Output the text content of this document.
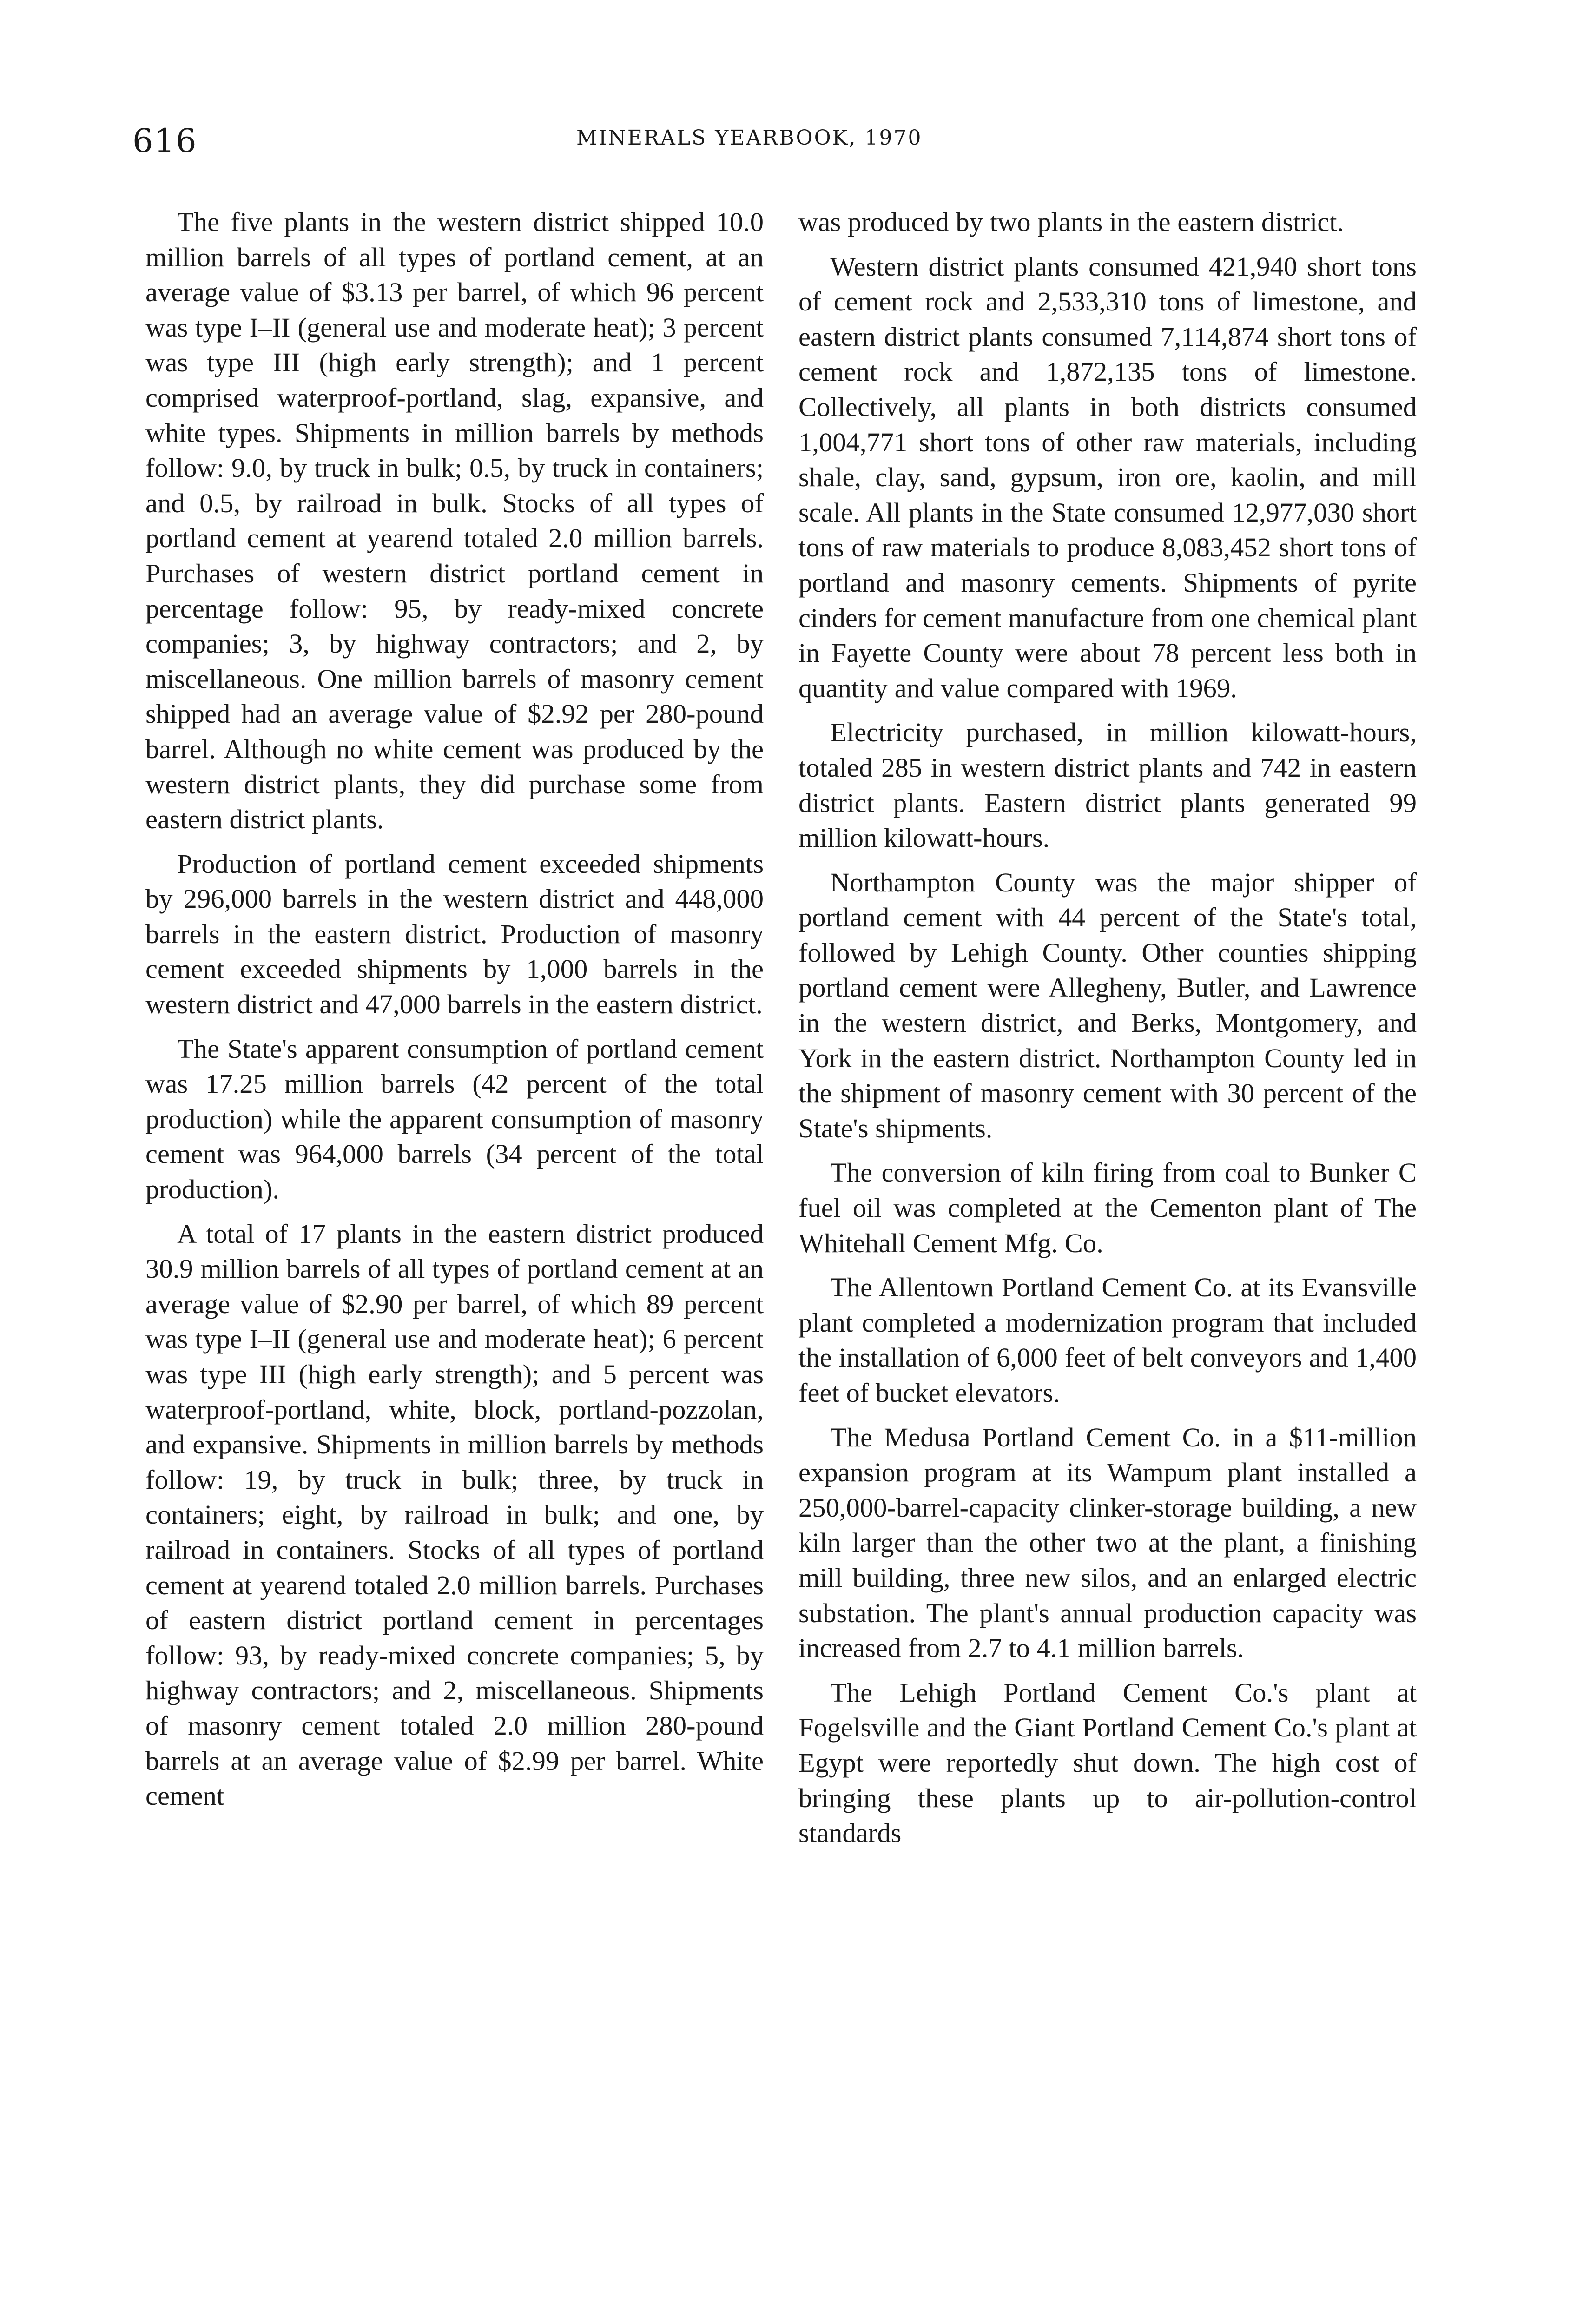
616	MINERALS YEARBOOK, 1970

The five plants in the western district shipped 10.0 million barrels of all types of portland cement, at an average value of $3.13 per barrel, of which 96 percent was type I–II (general use and moderate heat); 3 percent was type III (high early strength); and 1 percent comprised waterproof-portland, slag, expansive, and white types. Shipments in million barrels by methods follow: 9.0, by truck in bulk; 0.5, by truck in containers; and 0.5, by railroad in bulk. Stocks of all types of portland cement at yearend totaled 2.0 million barrels. Purchases of western district portland cement in percentage follow: 95, by ready-mixed concrete companies; 3, by highway contractors; and 2, by miscellaneous. One million barrels of masonry cement shipped had an average value of $2.92 per 280-pound barrel. Although no white cement was produced by the western district plants, they did purchase some from eastern district plants.

Production of portland cement exceeded shipments by 296,000 barrels in the western district and 448,000 barrels in the eastern district. Production of masonry cement exceeded shipments by 1,000 barrels in the western district and 47,000 barrels in the eastern district.

The State's apparent consumption of portland cement was 17.25 million barrels (42 percent of the total production) while the apparent consumption of masonry cement was 964,000 barrels (34 percent of the total production).

A total of 17 plants in the eastern district produced 30.9 million barrels of all types of portland cement at an average value of $2.90 per barrel, of which 89 percent was type I–II (general use and moderate heat); 6 percent was type III (high early strength); and 5 percent was waterproof-portland, white, block, portland-pozzolan, and expansive. Shipments in million barrels by methods follow: 19, by truck in bulk; three, by truck in containers; eight, by railroad in bulk; and one, by railroad in containers. Stocks of all types of portland cement at yearend totaled 2.0 million barrels. Purchases of eastern district portland cement in percentages follow: 93, by ready-mixed concrete companies; 5, by highway contractors; and 2, miscellaneous. Shipments of masonry cement totaled 2.0 million 280-pound barrels at an average value of $2.99 per barrel. White cement

was produced by two plants in the eastern district.

Western district plants consumed 421,940 short tons of cement rock and 2,533,310 tons of limestone, and eastern district plants consumed 7,114,874 short tons of cement rock and 1,872,135 tons of limestone. Collectively, all plants in both districts consumed 1,004,771 short tons of other raw materials, including shale, clay, sand, gypsum, iron ore, kaolin, and mill scale. All plants in the State consumed 12,977,030 short tons of raw materials to produce 8,083,452 short tons of portland and masonry cements. Shipments of pyrite cinders for cement manufacture from one chemical plant in Fayette County were about 78 percent less both in quantity and value compared with 1969.

Electricity purchased, in million kilowatt-hours, totaled 285 in western district plants and 742 in eastern district plants. Eastern district plants generated 99 million kilowatt-hours.

Northampton County was the major shipper of portland cement with 44 percent of the State's total, followed by Lehigh County. Other counties shipping portland cement were Allegheny, Butler, and Lawrence in the western district, and Berks, Montgomery, and York in the eastern district. Northampton County led in the shipment of masonry cement with 30 percent of the State's shipments.

The conversion of kiln firing from coal to Bunker C fuel oil was completed at the Cementon plant of The Whitehall Cement Mfg. Co.

The Allentown Portland Cement Co. at its Evansville plant completed a modernization program that included the installation of 6,000 feet of belt conveyors and 1,400 feet of bucket elevators.

The Medusa Portland Cement Co. in a $11-million expansion program at its Wampum plant installed a 250,000-barrel-capacity clinker-storage building, a new kiln larger than the other two at the plant, a finishing mill building, three new silos, and an enlarged electric substation. The plant's annual production capacity was increased from 2.7 to 4.1 million barrels.

The Lehigh Portland Cement Co.'s plant at Fogelsville and the Giant Portland Cement Co.'s plant at Egypt were reportedly shut down. The high cost of bringing these plants up to air-pollution-control standards
